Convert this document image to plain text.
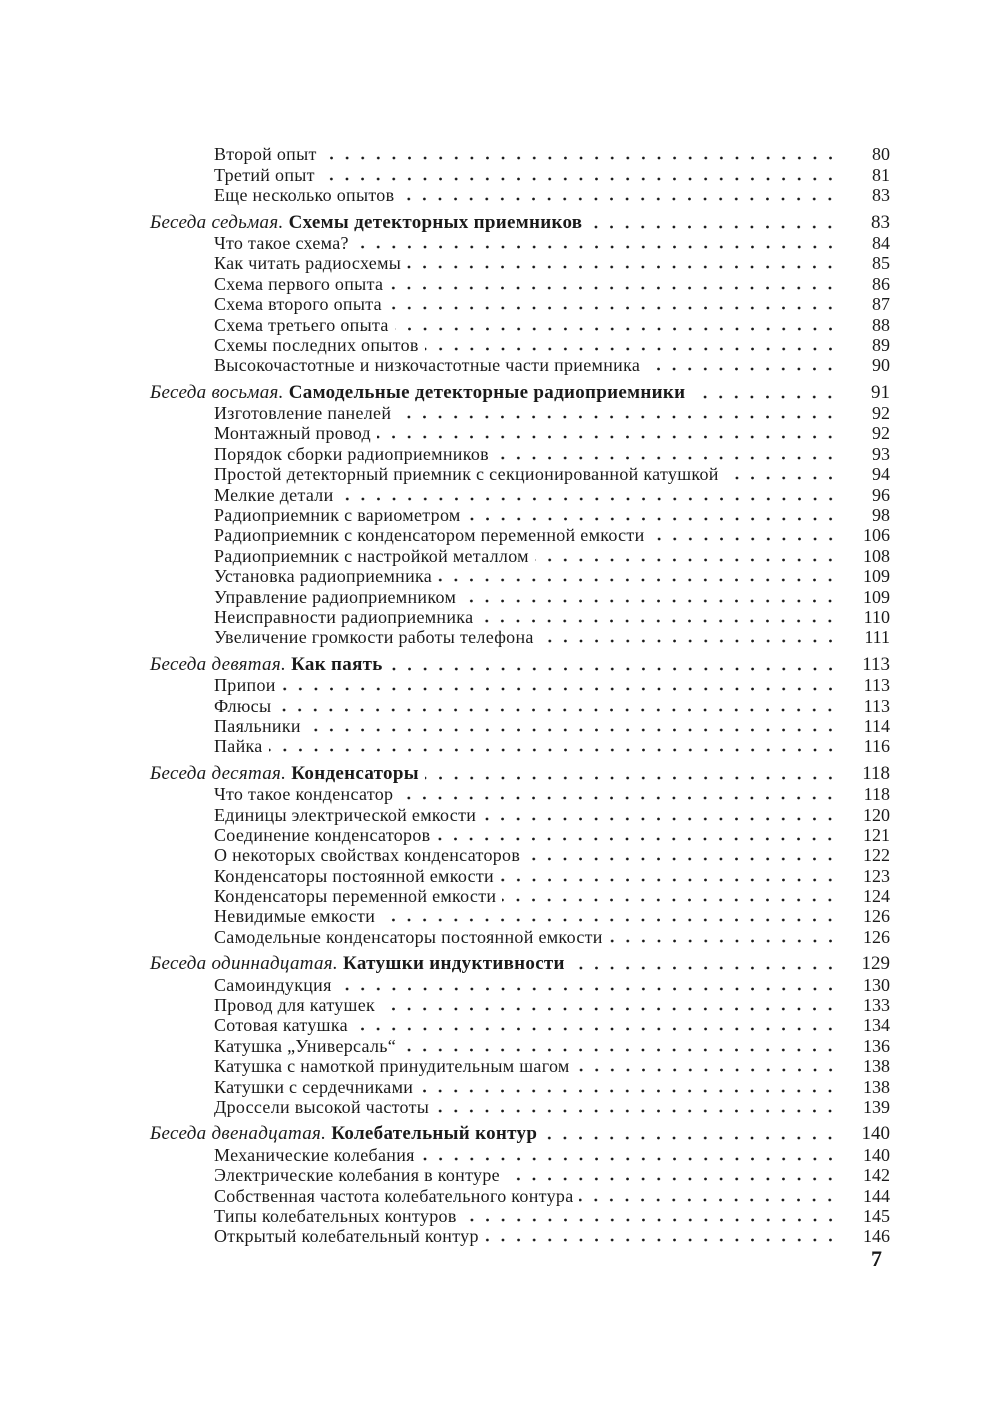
Второй опыт	80
Третий опыт	81
Еще несколько опытов	83
Беседа седьмая. Схемы детекторных приемников	83
Что такое схема?	84
Как читать радиосхемы	85
Схема первого опыта	86
Схема второго опыта	87
Схема третьего опыта	88
Схемы последних опытов	89
Высокочастотные и низкочастотные части приемника	90
Беседа восьмая. Самодельные детекторные радиоприемники	91
Изготовление панелей	92
Монтажный провод	92
Порядок сборки радиоприемников	93
Простой детекторный приемник с секционированной катушкой	94
Мелкие детали	96
Радиоприемник с вариометром	98
Радиоприемник с конденсатором переменной емкости	106
Радиоприемник с настройкой металлом	108
Установка радиоприемника	109
Управление радиоприемником	109
Неисправности радиоприемника	110
Увеличение громкости работы телефона	111
Беседа девятая. Как паять	113
Припои	113
Флюсы	113
Паяльники	114
Пайка	116
Беседа десятая. Конденсаторы	118
Что такое конденсатор	118
Единицы электрической емкости	120
Соединение конденсаторов	121
О некоторых свойствах конденсаторов	122
Конденсаторы постоянной емкости	123
Конденсаторы переменной емкости	124
Невидимые емкости	126
Самодельные конденсаторы постоянной емкости	126
Беседа одиннадцатая. Катушки индуктивности	129
Самоиндукция	130
Провод для катушек	133
Сотовая катушка	134
Катушка „Универсаль“	136
Катушка с намоткой принудительным шагом	138
Катушки с сердечниками	138
Дроссели высокой частоты	139
Беседа двенадцатая. Колебательный контур	140
Механические колебания	140
Электрические колебания в контуре	142
Собственная частота колебательного контура	144
Типы колебательных контуров	145
Открытый колебательный контур	146
7
